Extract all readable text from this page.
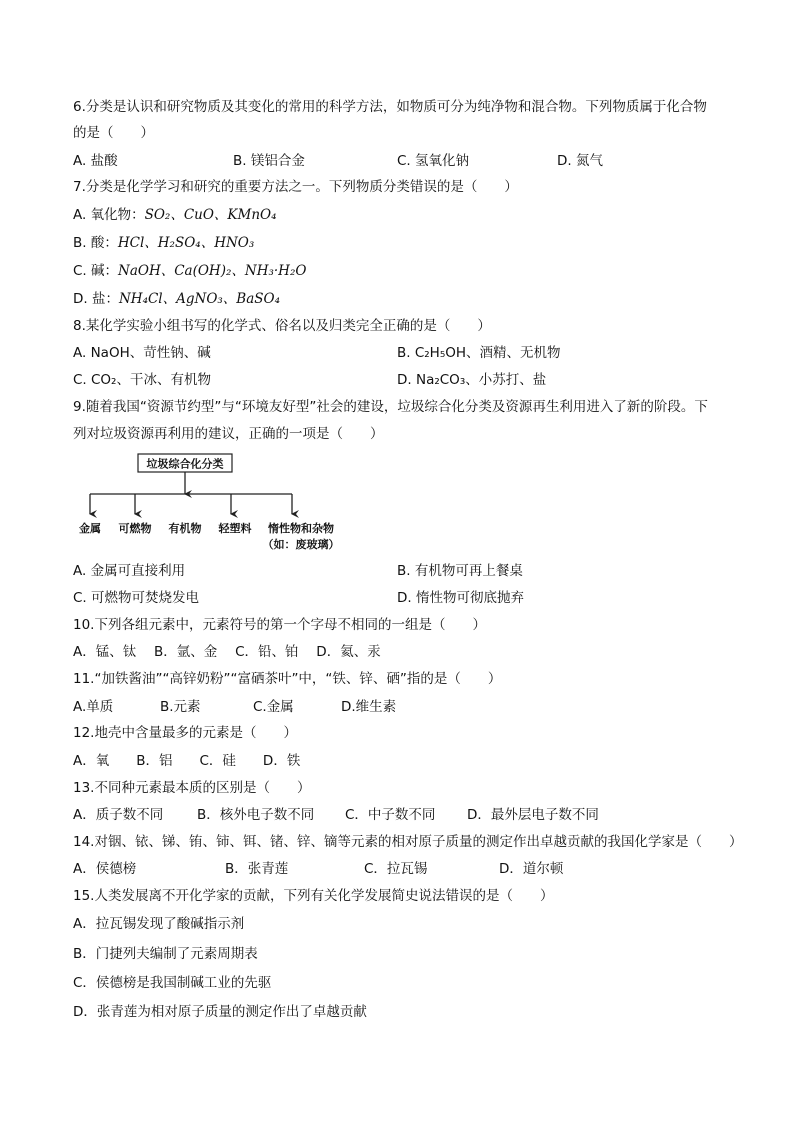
6.分类是认识和研究物质及其变化的常用的科学方法，如物质可分为纯净物和混合物。下列物质属于化合物
的是（　　）
A. 盐酸	B. 镁铝合金	C. 氢氧化钠	D. 氮气
7.分类是化学学习和研究的重要方法之一。下列物质分类错误的是（　　）
A. 氧化物：SO₂、CuO、KMnO₄
B. 酸：HCl、H₂SO₄、HNO₃
C. 碱：NaOH、Ca(OH)₂、NH₃·H₂O
D. 盐：NH₄Cl、AgNO₃、BaSO₄
8.某化学实验小组书写的化学式、俗名以及归类完全正确的是（　　）
A. NaOH、苛性钠、碱	B. C₂H₅OH、酒精、无机物
C. CO₂、干冰、有机物	D. Na₂CO₃、小苏打、盐
9.随着我国“资源节约型”与“环境友好型”社会的建设，垃圾综合化分类及资源再生利用进入了新的阶段。下
列对垃圾资源再利用的建议，正确的一项是（　　）
垃圾综合化分类
金属 可燃物 有机物 轻塑料 惰性物和杂物
（如：废玻璃）
A. 金属可直接利用	B. 有机物可再上餐桌
C. 可燃物可焚烧发电	D. 惰性物可彻底抛弃
10.下列各组元素中，元素符号的第一个字母不相同的一组是（　　）
A．锰、钛　 B．氩、金　 C．铅、铂　 D．氦、汞
11.“加铁酱油”“高锌奶粉”“富硒茶叶”中，“铁、锌、硒”指的是（　　）
A.单质	B.元素	C.金属	D.维生素
12.地壳中含量最多的元素是（　　）
A．氧　　B．铝　　C．硅　　D．铁
13.不同种元素最本质的区别是（　　）
A．质子数不同	B．核外电子数不同 C．中子数不同 D．最外层电子数不同
14.对铟、铱、锑、铕、铈、铒、锗、锌、镝等元素的相对原子质量的测定作出卓越贡献的我国化学家是（　　）
A．侯德榜	B．张青莲	C．拉瓦锡	D．道尔顿
15.人类发展离不开化学家的贡献，下列有关化学发展简史说法错误的是（　　）
A．拉瓦锡发现了酸碱指示剂
B．门捷列夫编制了元素周期表
C．侯德榜是我国制碱工业的先驱
D．张青莲为相对原子质量的测定作出了卓越贡献
